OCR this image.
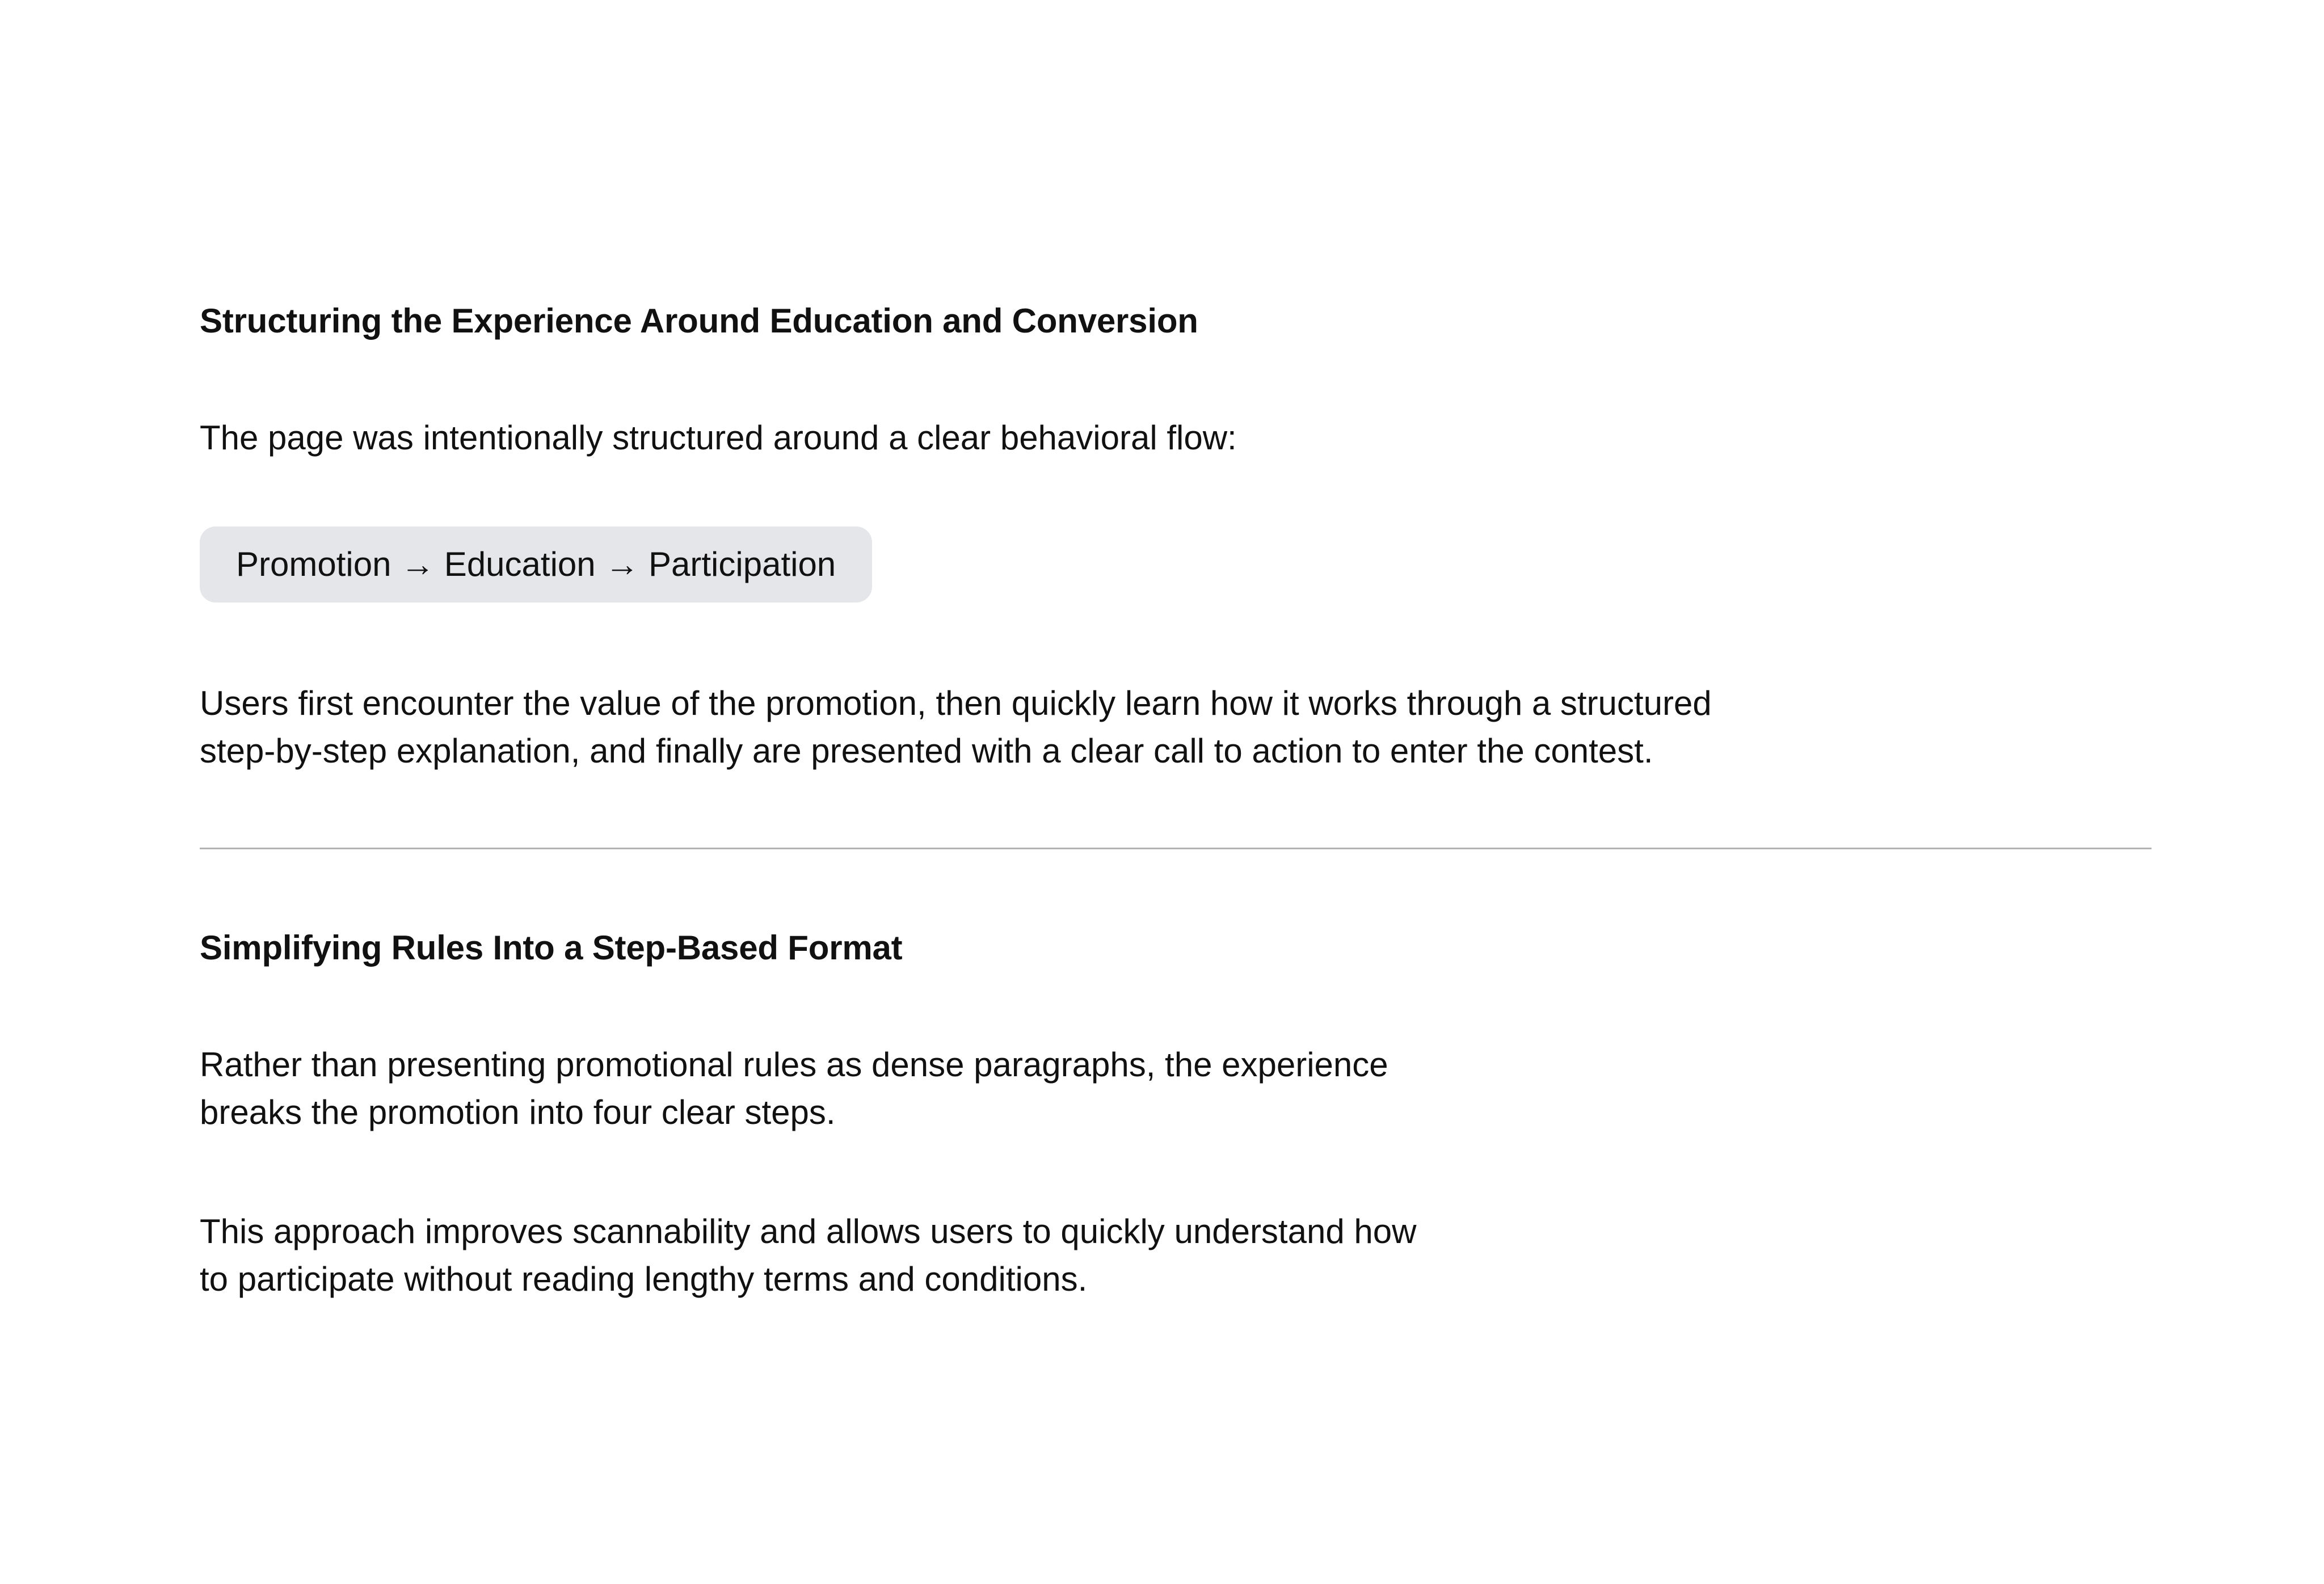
Structuring the Experience Around Education and Conversion

The page was intentionally structured around a clear behavioral flow:

Promotion → Education → Participation
Users first encounter the value of the promotion, then quickly learn how it works through a structured
step-by-step explanation, and finally are presented with a clear call to action to enter the contest.
Simplifying Rules Into a Step-Based Format
Rather than presenting promotional rules as dense paragraphs, the experience
breaks the promotion into four clear steps.
This approach improves scannability and allows users to quickly understand how
to participate without reading lengthy terms and conditions.
